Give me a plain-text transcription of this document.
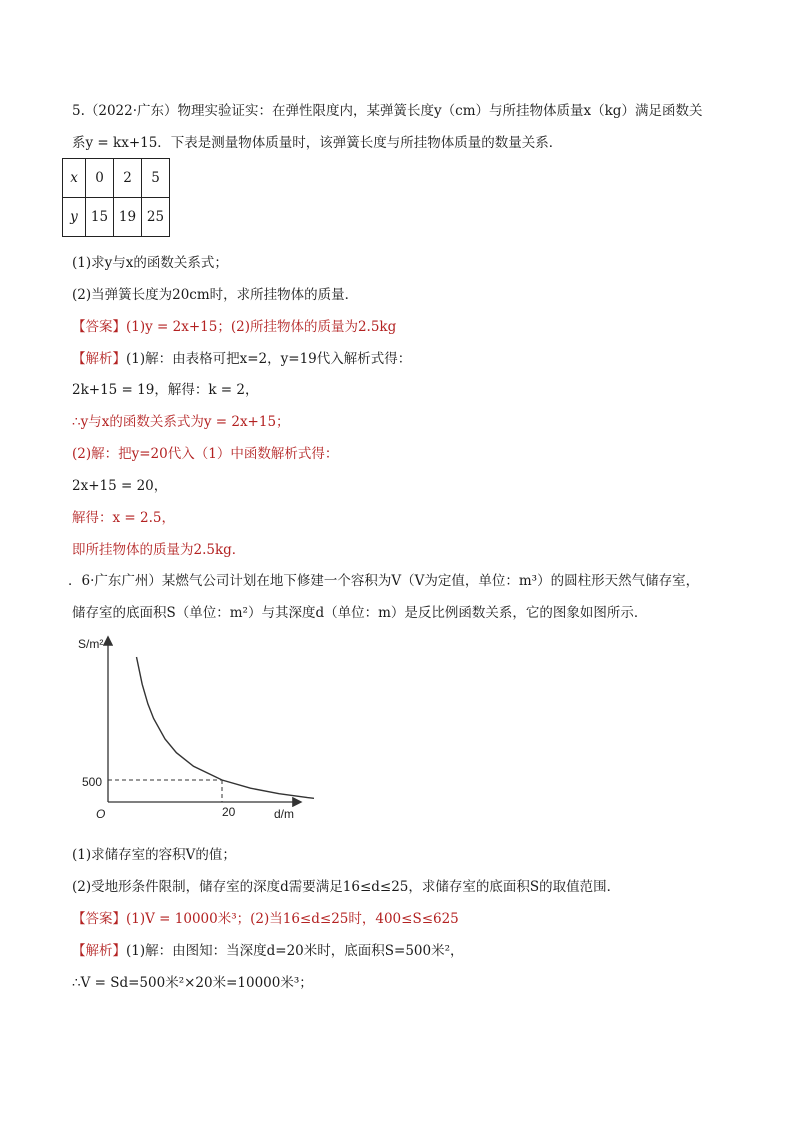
5.（2022·广东）物理实验证实：在弹性限度内，某弹簧长度y（cm）与所挂物体质量x（kg）满足函数关
系y = kx+15．下表是测量物体质量时，该弹簧长度与所挂物体质量的数量关系．
x	0	2	5
y	15	19	25
(1)求y与x的函数关系式；
(2)当弹簧长度为20cm时，求所挂物体的质量．
【答案】(1)y = 2x+15；(2)所挂物体的质量为2.5kg
【解析】(1)解：由表格可把x=2，y=19代入解析式得：
2k+15 = 19，解得：k = 2，
∴y与x的函数关系式为y = 2x+15；
(2)解：把y=20代入（1）中函数解析式得：
2x+15 = 20，
解得：x = 2.5，
即所挂物体的质量为2.5kg．
．6·广东广州）某燃气公司计划在地下修建一个容积为V（V为定值，单位：m³）的圆柱形天然气储存室，
储存室的底面积S（单位：m²）与其深度d（单位：m）是反比例函数关系，它的图象如图所示．
S/m²
d/m
O
500
20
(1)求储存室的容积V的值；
(2)受地形条件限制，储存室的深度d需要满足16≤d≤25，求储存室的底面积S的取值范围．
【答案】(1)V = 10000米³；(2)当16≤d≤25时，400≤S≤625
【解析】(1)解：由图知：当深度d=20米时，底面积S=500米²，
∴V = Sd=500米²×20米=10000米³；
